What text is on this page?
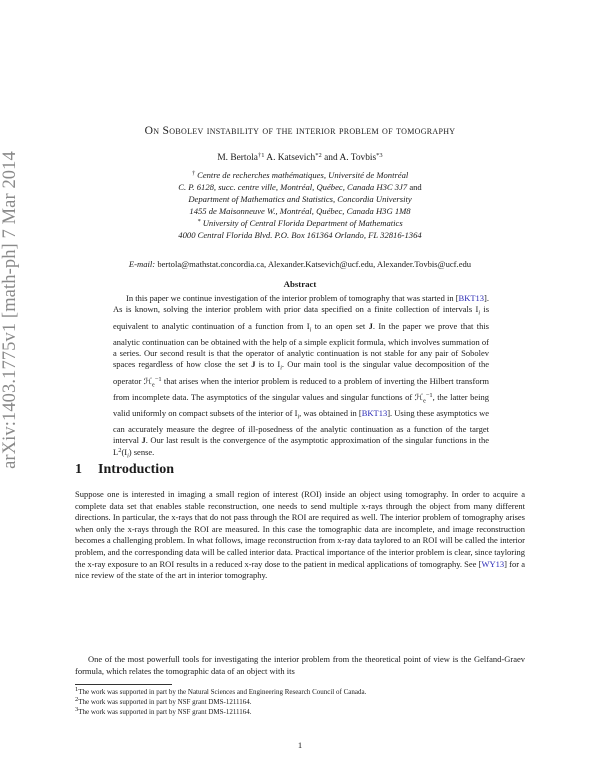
arXiv:1403.1775v1 [math-ph] 7 Mar 2014
On Sobolev instability of the interior problem of tomography
M. Bertola$^{\dagger 1}$ A. Katsevich$^{*2}$ and A. Tovbis$^{*3}$
† Centre de recherches mathématiques, Université de Montréal
C. P. 6128, succ. centre ville, Montréal, Québec, Canada H3C 3J7 and
Department of Mathematics and Statistics, Concordia University
1455 de Maisonneuve W., Montréal, Québec, Canada H3G 1M8
* University of Central Florida Department of Mathematics
4000 Central Florida Blvd. P.O. Box 161364 Orlando, FL 32816-1364
E-mail: bertola@mathstat.concordia.ca, Alexander.Katsevich@ucf.edu, Alexander.Tovbis@ucf.edu
Abstract
In this paper we continue investigation of the interior problem of tomography that was started in [BKT13]. As is known, solving the interior problem with prior data specified on a finite collection of intervals $I_i$ is equivalent to analytic continuation of a function from $I_i$ to an open set J. In the paper we prove that this analytic continuation can be obtained with the help of a simple explicit formula, which involves summation of a series. Our second result is that the operator of analytic continuation is not stable for any pair of Sobolev spaces regardless of how close the set J is to $I_i$. Our main tool is the singular value decomposition of the operator ℋ$_e^{-1}$ that arises when the interior problem is reduced to a problem of inverting the Hilbert transform from incomplete data. The asymptotics of the singular values and singular functions of ℋ$_e^{-1}$, the latter being valid uniformly on compact subsets of the interior of $I_i$, was obtained in [BKT13]. Using these asymptotics we can accurately measure the degree of ill-posedness of the analytic continuation as a function of the target interval J. Our last result is the convergence of the asymptotic approximation of the singular functions in the $L^2(I_i)$ sense.
1 Introduction
Suppose one is interested in imaging a small region of interest (ROI) inside an object using tomography. In order to acquire a complete data set that enables stable reconstruction, one needs to send multiple x-rays through the object from many different directions. In particular, the x-rays that do not pass through the ROI are required as well. The interior problem of tomography arises when only the x-rays through the ROI are measured. In this case the tomographic data are incomplete, and image reconstruction becomes a challenging problem. In what follows, image reconstruction from x-ray data taylored to an ROI will be called the interior problem, and the corresponding data will be called interior data. Practical importance of the interior problem is clear, since tayloring the x-ray exposure to an ROI results in a reduced x-ray dose to the patient in medical applications of tomography. See [WY13] for a nice review of the state of the art in interior tomography.
One of the most powerfull tools for investigating the interior problem from the theoretical point of view is the Gelfand-Graev formula, which relates the tomographic data of an object with its
$^1$The work was supported in part by the Natural Sciences and Engineering Research Council of Canada.
$^2$The work was supported in part by NSF grant DMS-1211164.
$^3$The work was supported in part by NSF grant DMS-1211164.
1
